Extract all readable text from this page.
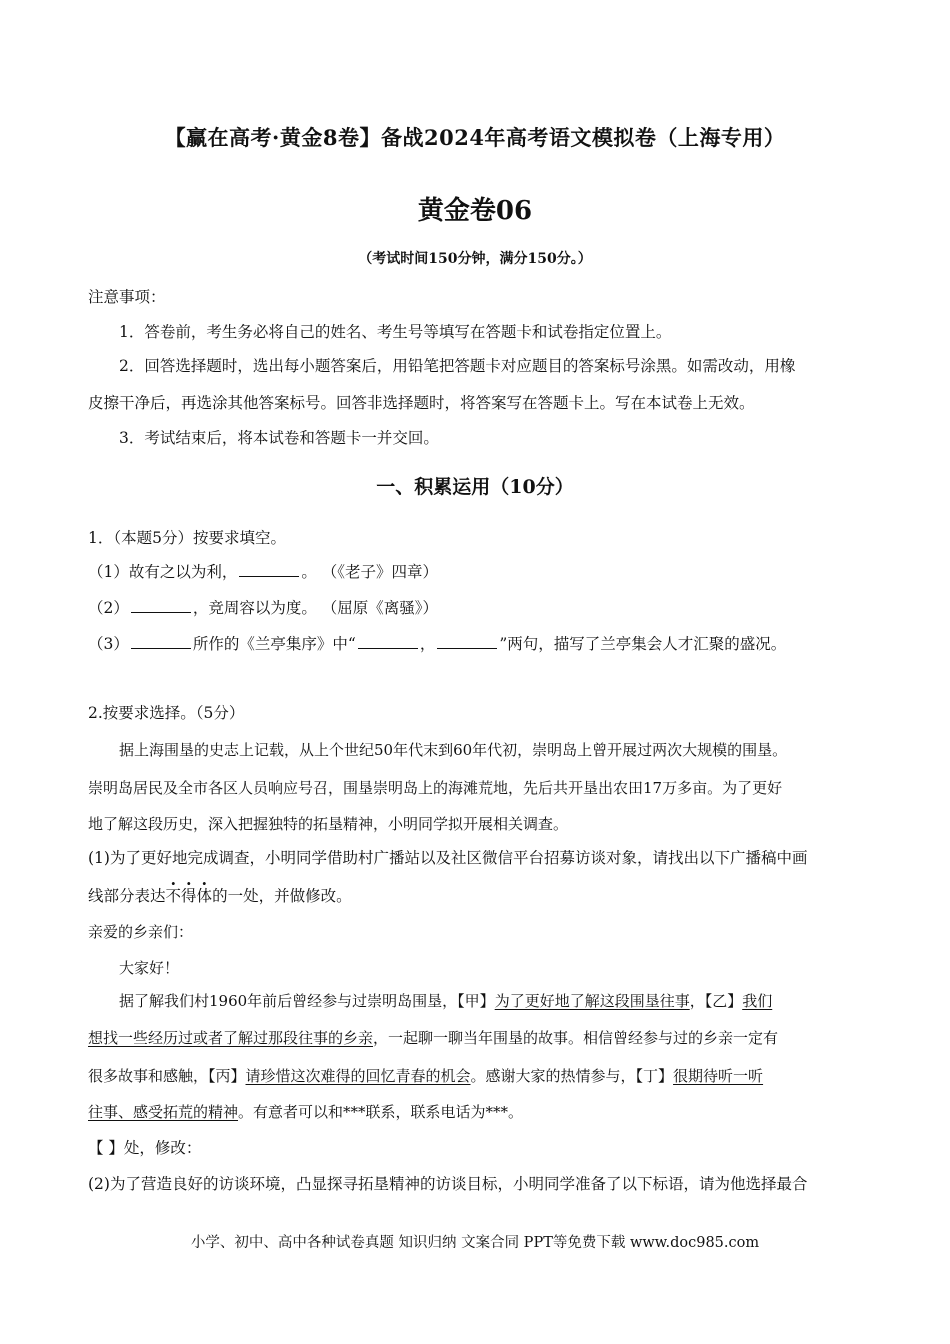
【赢在高考·黄金8卷】备战2024年高考语文模拟卷（上海专用）
黄金卷06
（考试时间150分钟，满分150分。）
注意事项：
1．答卷前，考生务必将自己的姓名、考生号等填写在答题卡和试卷指定位置上。
2．回答选择题时，选出每小题答案后，用铅笔把答题卡对应题目的答案标号涂黑。如需改动，用橡
皮擦干净后，再选涂其他答案标号。回答非选择题时，将答案写在答题卡上。写在本试卷上无效。
3．考试结束后，将本试卷和答题卡一并交回。
一、积累运用（10分）
1．（本题5分）按要求填空。
（1）故有之以为利，	。 （《老子》四章）
（2）	，竞周容以为度。 （屈原《离骚》）
（3）	所作的《兰亭集序》中“	，	”两句，描写了兰亭集会人才汇聚的盛况。
2.按要求选择。（5分）
据上海围垦的史志上记载，从上个世纪50年代末到60年代初，崇明岛上曾开展过两次大规模的围垦。
崇明岛居民及全市各区人员响应号召，围垦崇明岛上的海滩荒地，先后共开垦出农田17万多亩。为了更好
地了解这段历史，深入把握独特的拓垦精神，小明同学拟开展相关调查。
(1)为了更好地完成调查，小明同学借助村广播站以及社区微信平台招募访谈对象，请找出以下广播稿中画
线部分表达不得体的一处，并做修改。
亲爱的乡亲们：
大家好！
据了解我们村1960年前后曾经参与过崇明岛围垦，【甲】为了更好地了解这段围垦往事，【乙】我们
想找一些经历过或者了解过那段往事的乡亲，一起聊一聊当年围垦的故事。相信曾经参与过的乡亲一定有
很多故事和感触，【丙】请珍惜这次难得的回忆青春的机会。感谢大家的热情参与，【丁】很期待听一听
往事、感受拓荒的精神。有意者可以和***联系，联系电话为***。
【 】处，修改：
(2)为了营造良好的访谈环境，凸显探寻拓垦精神的访谈目标，小明同学准备了以下标语，请为他选择最合
小学、初中、高中各种试卷真题 知识归纳 文案合同 PPT等免费下载 www.doc985.com
